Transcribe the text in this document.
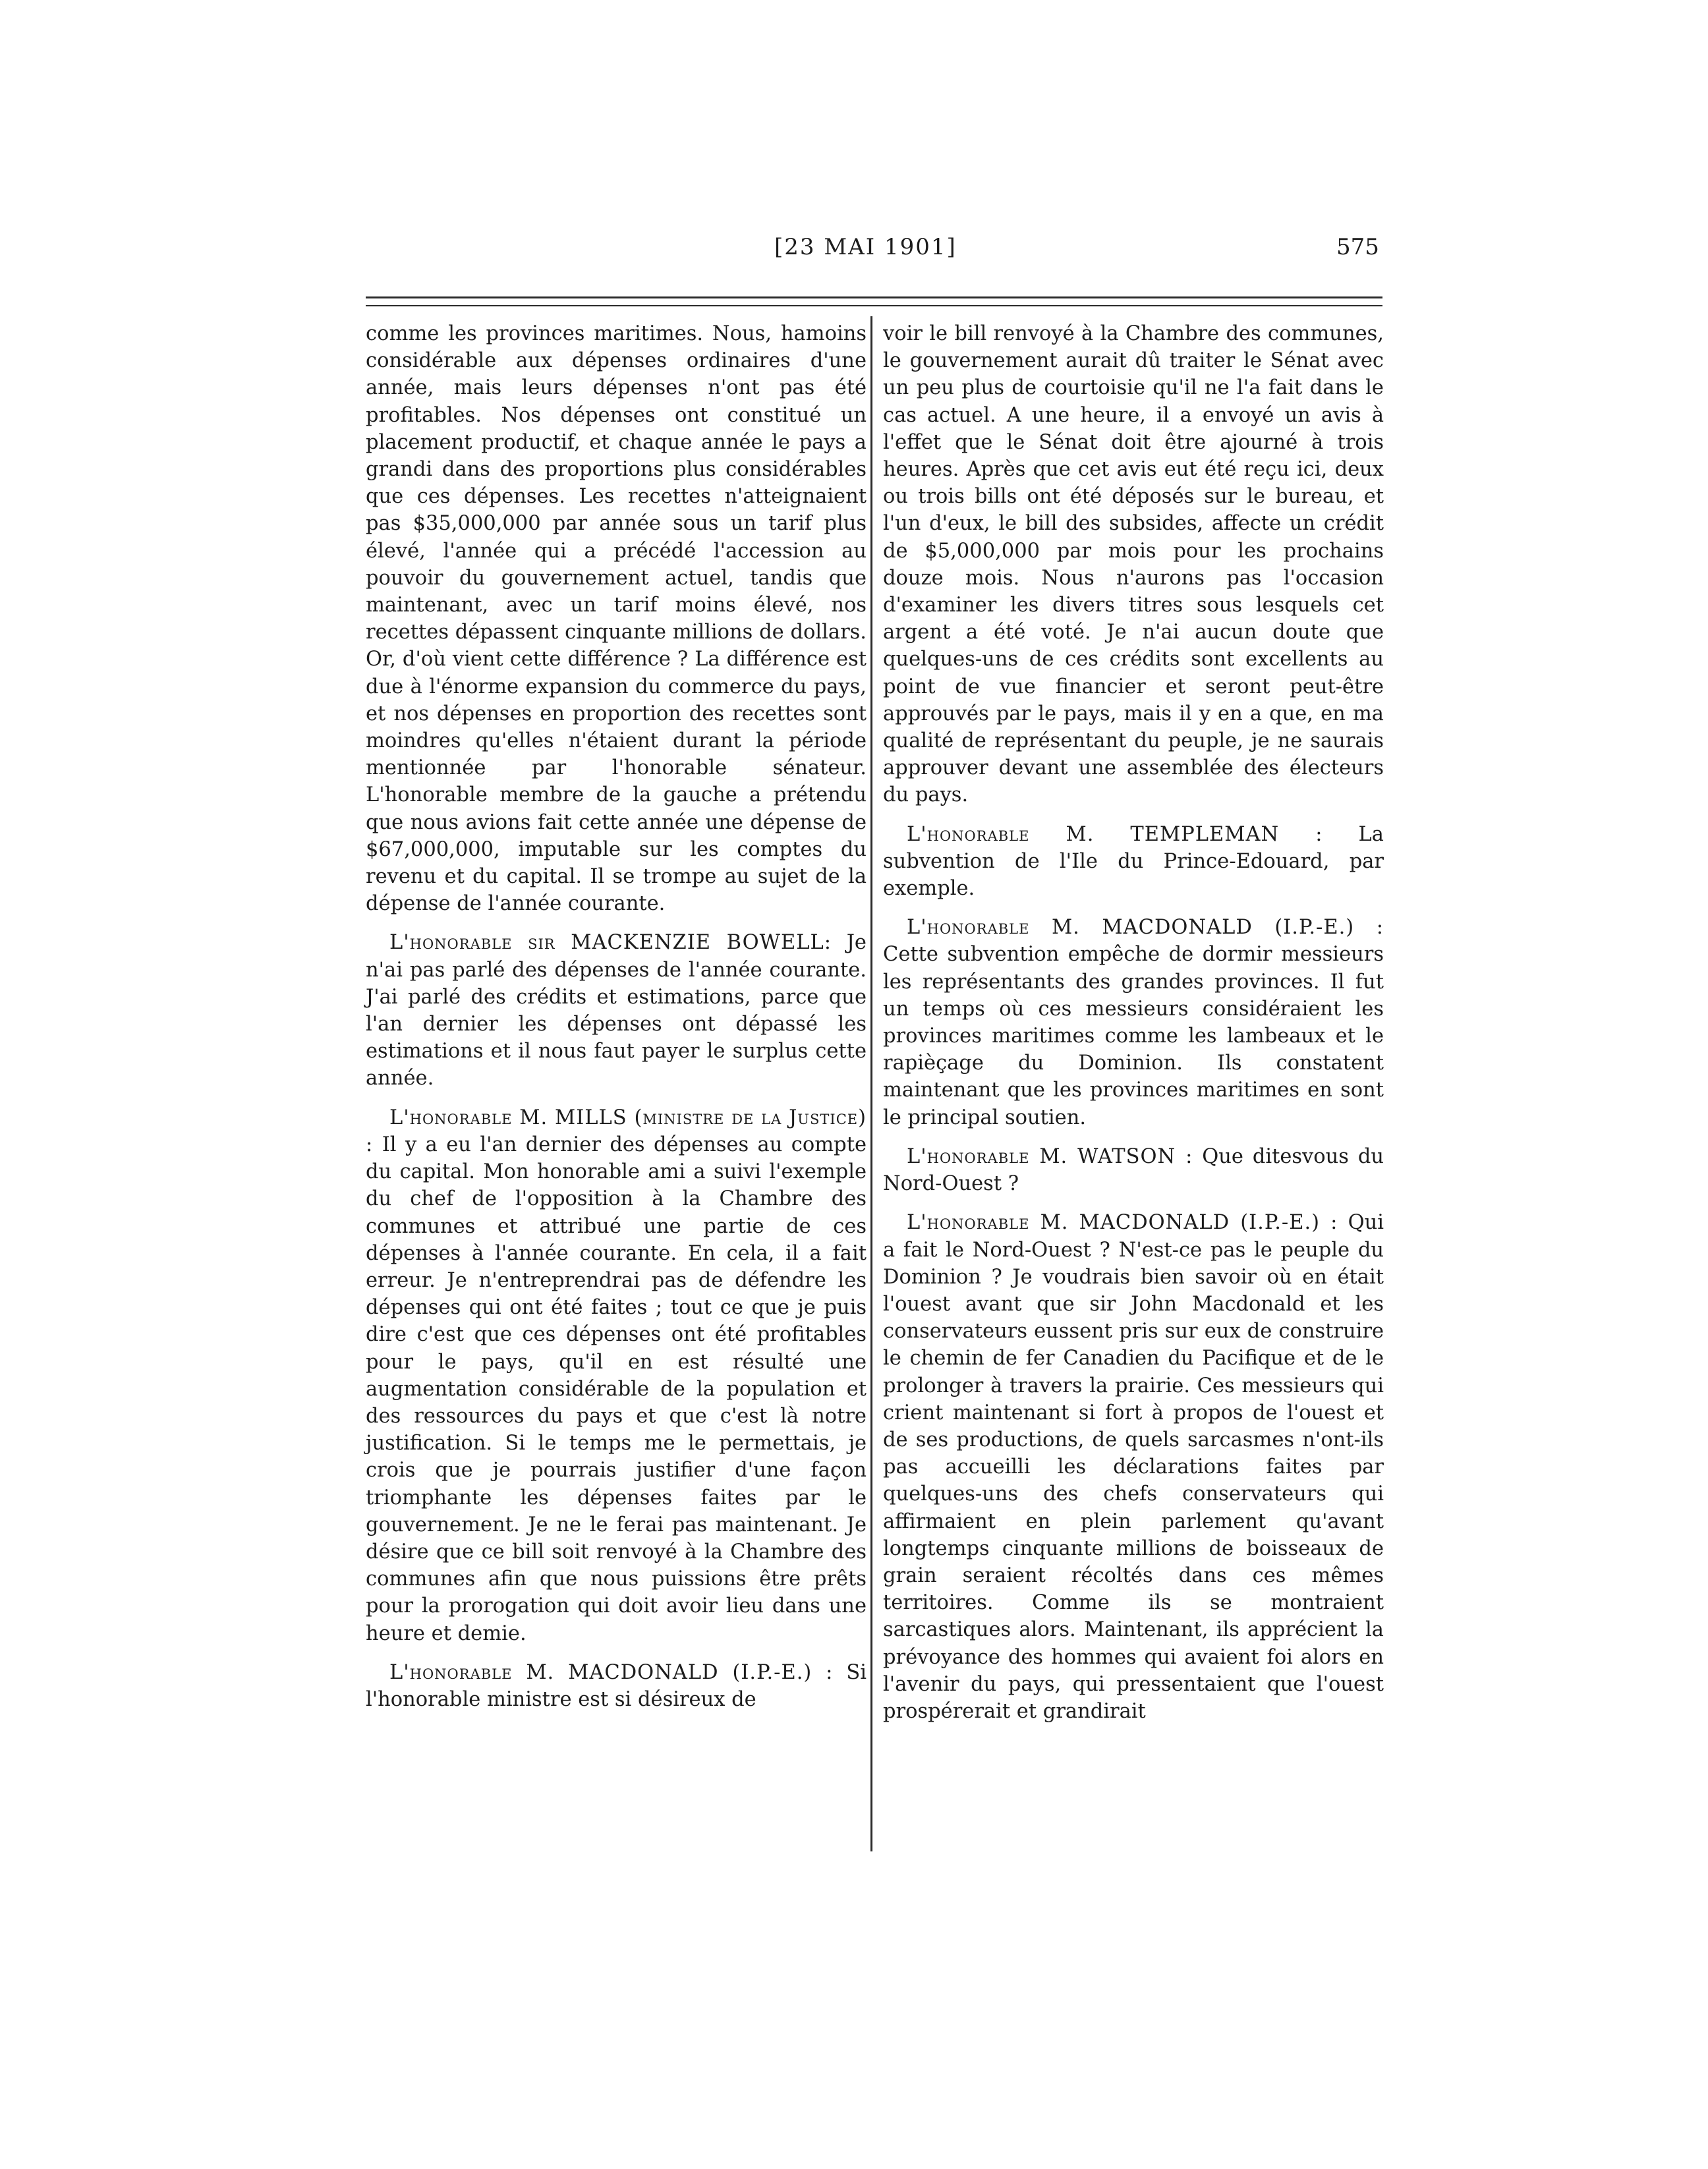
[23 MAI 1901]	575

comme les provinces maritimes. Nous, hamoins considérable aux dépenses ordinaires d'une année, mais leurs dépenses n'ont pas été profitables. Nos dépenses ont constitué un placement productif, et chaque année le pays a grandi dans des proportions plus considérables que ces dépenses. Les recettes n'atteignaient pas $35,000,000 par année sous un tarif plus élevé, l'année qui a précédé l'accession au pouvoir du gouvernement actuel, tandis que maintenant, avec un tarif moins élevé, nos recettes dépassent cinquante millions de dollars. Or, d'où vient cette différence ? La différence est due à l'énorme expansion du commerce du pays, et nos dépenses en proportion des recettes sont moindres qu'elles n'étaient durant la période mentionnée par l'honorable sénateur. L'honorable membre de la gauche a prétendu que nous avions fait cette année une dépense de $67,000,000, imputable sur les comptes du revenu et du capital. Il se trompe au sujet de la dépense de l'année courante.

L'honorable sir MACKENZIE BOWELL: Je n'ai pas parlé des dépenses de l'année courante. J'ai parlé des crédits et estimations, parce que l'an dernier les dépenses ont dépassé les estimations et il nous faut payer le surplus cette année.

L'honorable M. MILLS (ministre de la Justice) : Il y a eu l'an dernier des dépenses au compte du capital. Mon honorable ami a suivi l'exemple du chef de l'opposition à la Chambre des communes et attribué une partie de ces dépenses à l'année courante. En cela, il a fait erreur. Je n'entreprendrai pas de défendre les dépenses qui ont été faites ; tout ce que je puis dire c'est que ces dépenses ont été profitables pour le pays, qu'il en est résulté une augmentation considérable de la population et des ressources du pays et que c'est là notre justification. Si le temps me le permettais, je crois que je pourrais justifier d'une façon triomphante les dépenses faites par le gouvernement. Je ne le ferai pas maintenant. Je désire que ce bill soit renvoyé à la Chambre des communes afin que nous puissions être prêts pour la prorogation qui doit avoir lieu dans une heure et demie.

L'honorable M. MACDONALD (I.P.-E.) : Si l'honorable ministre est si désireux de

voir le bill renvoyé à la Chambre des communes, le gouvernement aurait dû traiter le Sénat avec un peu plus de courtoisie qu'il ne l'a fait dans le cas actuel. A une heure, il a envoyé un avis à l'effet que le Sénat doit être ajourné à trois heures. Après que cet avis eut été reçu ici, deux ou trois bills ont été déposés sur le bureau, et l'un d'eux, le bill des subsides, affecte un crédit de $5,000,000 par mois pour les prochains douze mois. Nous n'aurons pas l'occasion d'examiner les divers titres sous lesquels cet argent a été voté. Je n'ai aucun doute que quelques-uns de ces crédits sont excellents au point de vue financier et seront peut-être approuvés par le pays, mais il y en a que, en ma qualité de représentant du peuple, je ne saurais approuver devant une assemblée des électeurs du pays.

L'honorable M. TEMPLEMAN : La subvention de l'Ile du Prince-Edouard, par exemple.

L'honorable M. MACDONALD (I.P.-E.) : Cette subvention empêche de dormir messieurs les représentants des grandes provinces. Il fut un temps où ces messieurs considéraient les provinces maritimes comme les lambeaux et le rapièçage du Dominion. Ils constatent maintenant que les provinces maritimes en sont le principal soutien.

L'honorable M. WATSON : Que ditesvous du Nord-Ouest ?

L'honorable M. MACDONALD (I.P.-E.) : Qui a fait le Nord-Ouest ? N'est-ce pas le peuple du Dominion ? Je voudrais bien savoir où en était l'ouest avant que sir John Macdonald et les conservateurs eussent pris sur eux de construire le chemin de fer Canadien du Pacifique et de le prolonger à travers la prairie. Ces messieurs qui crient maintenant si fort à propos de l'ouest et de ses productions, de quels sarcasmes n'ont-ils pas accueilli les déclarations faites par quelques-uns des chefs conservateurs qui affirmaient en plein parlement qu'avant longtemps cinquante millions de boisseaux de grain seraient récoltés dans ces mêmes territoires. Comme ils se montraient sarcastiques alors. Maintenant, ils apprécient la prévoyance des hommes qui avaient foi alors en l'avenir du pays, qui pressentaient que l'ouest prospérerait et grandirait
